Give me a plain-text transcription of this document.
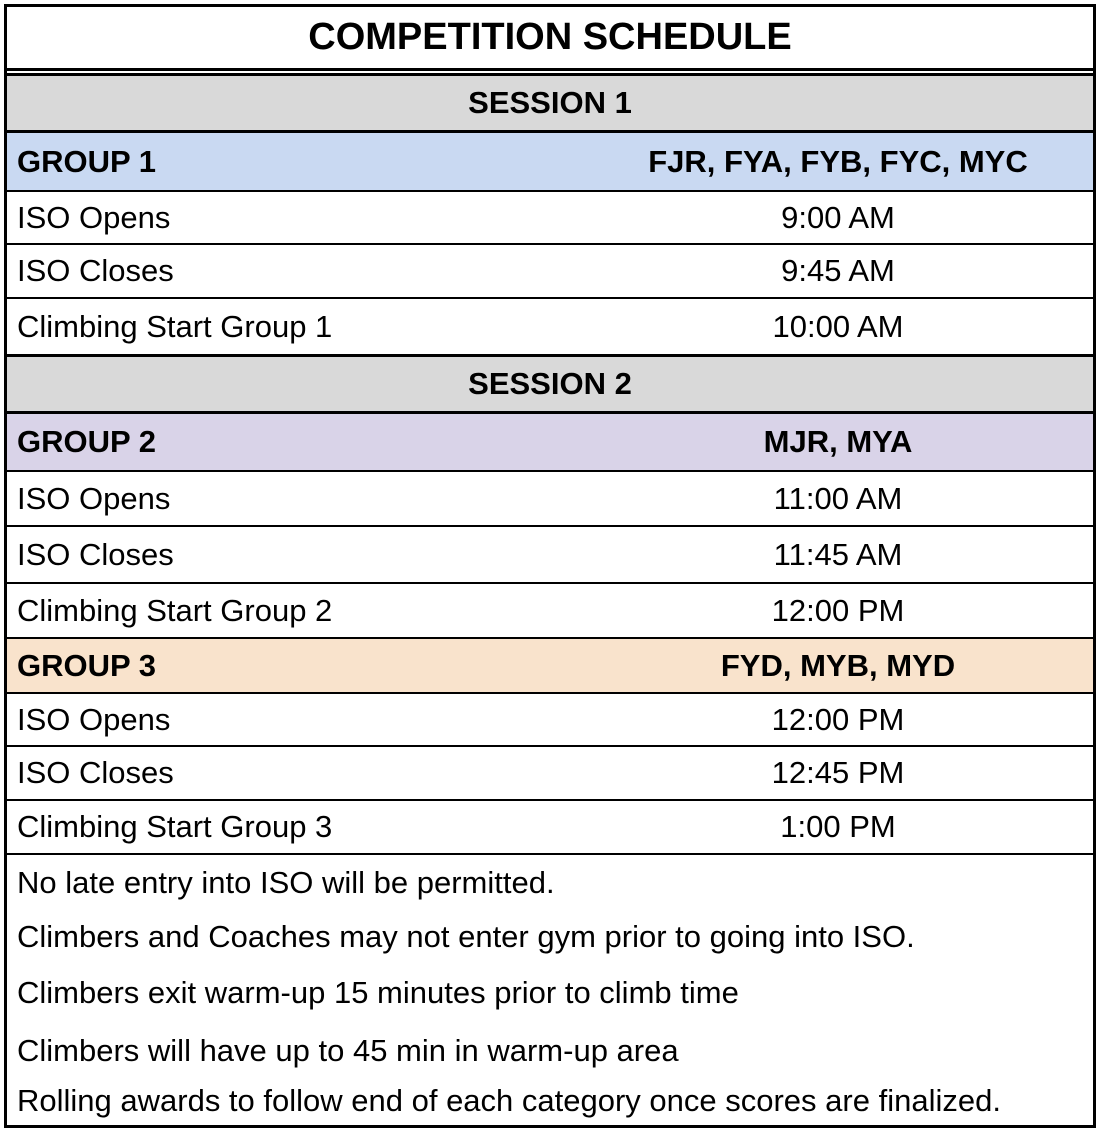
COMPETITION SCHEDULE
SESSION 1
GROUP 1	FJR, FYA, FYB, FYC, MYC
ISO Opens	9:00 AM
ISO Closes	9:45 AM
Climbing Start Group 1	10:00 AM
SESSION 2
GROUP 2	MJR, MYA
ISO Opens	11:00 AM
ISO Closes	11:45 AM
Climbing Start Group 2	12:00 PM
GROUP 3	FYD, MYB, MYD
ISO Opens	12:00 PM
ISO Closes	12:45 PM
Climbing Start Group 3	1:00 PM
No late entry into ISO will be permitted.
Climbers and Coaches may not enter gym prior to going into ISO.
Climbers exit warm-up 15 minutes prior to climb time
Climbers will have up to 45 min in warm-up area
Rolling awards to follow end of each category once scores are finalized.
